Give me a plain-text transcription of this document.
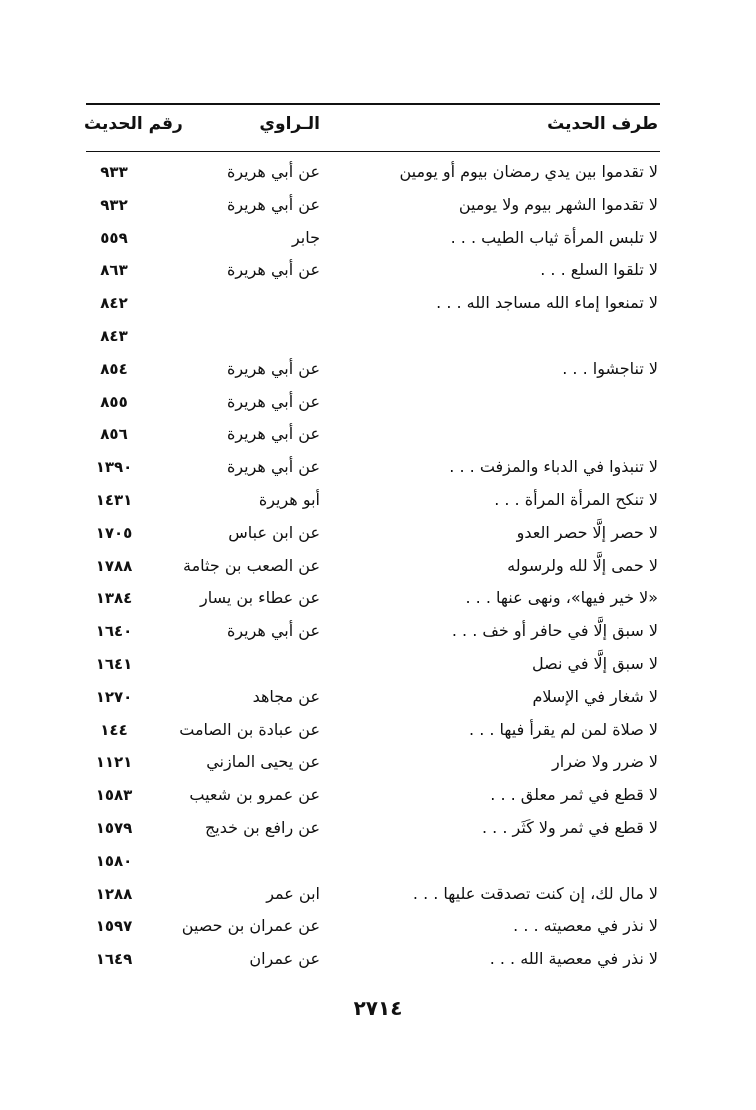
طرف الحديث
الـراوي
رقم الحديث
لا تقدموا بين يدي رمضان بيوم أو يومين
عن أبي هريرة
٩٣٣
لا تقدموا الشهر بيوم ولا يومين
عن أبي هريرة
٩٣٢
لا تلبس المرأة ثياب الطيب . . .
جابر
٥٥٩
لا تلقوا السلع . . .
عن أبي هريرة
٨٦٣
لا تمنعوا إماء الله مساجد الله . . .
٨٤٢
٨٤٣
لا تناجشوا . . .
عن أبي هريرة
٨٥٤
عن أبي هريرة
٨٥٥
عن أبي هريرة
٨٥٦
لا تنبذوا في الدباء والمزفت . . .
عن أبي هريرة
١٣٩٠
لا تنكح المرأة المرأة . . .
أبو هريرة
١٤٣١
لا حصر إلَّا حصر العدو
عن ابن عباس
١٧٠٥
لا حمى إلَّا لله ولرسوله
عن الصعب بن جثامة
١٧٨٨
«لا خير فيها»، ونهى عنها . . .
عن عطاء بن يسار
١٣٨٤
لا سبق إلَّا في حافر أو خف . . .
عن أبي هريرة
١٦٤٠
لا سبق إلَّا في نصل
١٦٤١
لا شغار في الإسلام
عن مجاهد
١٢٧٠
لا صلاة لمن لم يقرأ فيها . . .
عن عبادة بن الصامت
١٤٤
لا ضرر ولا ضرار
عن يحيى المازني
١١٢١
لا قطع في ثمر معلق . . .
عن عمرو بن شعيب
١٥٨٣
لا قطع في ثمر ولا كَثَر . . .
عن رافع بن خديج
١٥٧٩
١٥٨٠
لا مال لك، إن كنت تصدقت عليها . . .
ابن عمر
١٢٨٨
لا نذر في معصيته . . .
عن عمران بن حصين
١٥٩٧
لا نذر في معصية الله . . .
عن عمران
١٦٤٩
٢٧١٤
